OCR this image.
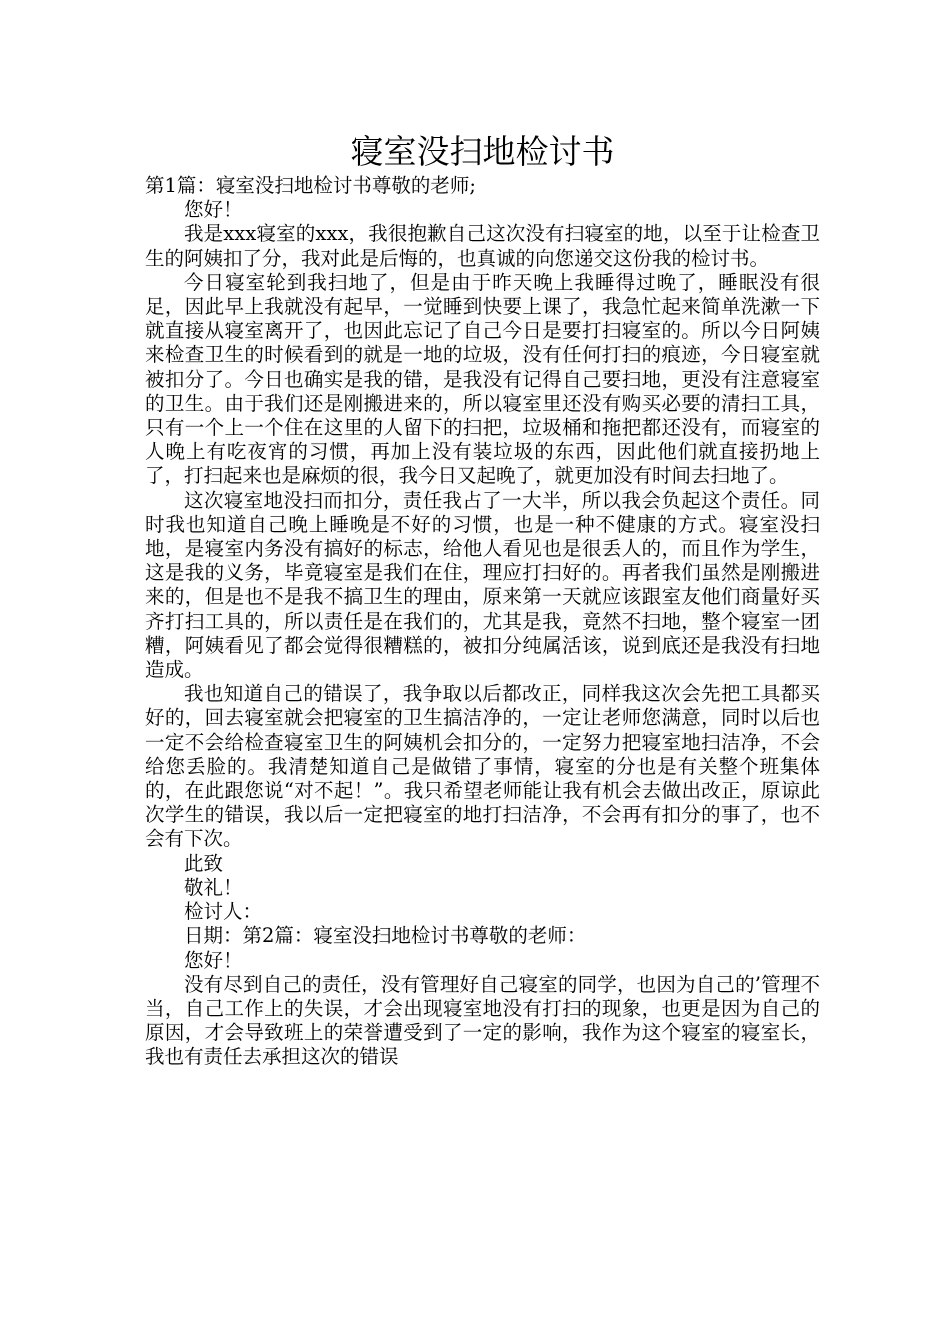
寝室没扫地检讨书

第1篇：寝室没扫地检讨书尊敬的老师;

您好！

我是xxx寝室的xxx，我很抱歉自己这次没有扫寝室的地，以至于让检查卫生的阿姨扣了分，我对此是后悔的，也真诚的向您递交这份我的检讨书。

今日寝室轮到我扫地了，但是由于昨天晚上我睡得过晚了，睡眠没有很足，因此早上我就没有起早，一觉睡到快要上课了，我急忙起来简单洗漱一下就直接从寝室离开了，也因此忘记了自己今日是要打扫寝室的。所以今日阿姨来检查卫生的时候看到的就是一地的垃圾，没有任何打扫的痕迹，今日寝室就被扣分了。今日也确实是我的错，是我没有记得自己要扫地，更没有注意寝室的卫生。由于我们还是刚搬进来的，所以寝室里还没有购买必要的清扫工具，只有一个上一个住在这里的人留下的扫把，垃圾桶和拖把都还没有，而寝室的人晚上有吃夜宵的习惯，再加上没有装垃圾的东西，因此他们就直接扔地上了，打扫起来也是麻烦的很，我今日又起晚了，就更加没有时间去扫地了。

这次寝室地没扫而扣分，责任我占了一大半，所以我会负起这个责任。同时我也知道自己晚上睡晚是不好的习惯，也是一种不健康的方式。寝室没扫地，是寝室内务没有搞好的标志，给他人看见也是很丢人的，而且作为学生，这是我的义务，毕竟寝室是我们在住，理应打扫好的。再者我们虽然是刚搬进来的，但是也不是我不搞卫生的理由，原来第一天就应该跟室友他们商量好买齐打扫工具的，所以责任是在我们的，尤其是我，竟然不扫地，整个寝室一团糟，阿姨看见了都会觉得很糟糕的，被扣分纯属活该，说到底还是我没有扫地造成。

我也知道自己的错误了，我争取以后都改正，同样我这次会先把工具都买好的，回去寝室就会把寝室的卫生搞洁净的，一定让老师您满意，同时以后也一定不会给检查寝室卫生的阿姨机会扣分的，一定努力把寝室地扫洁净，不会给您丢脸的。我清楚知道自己是做错了事情，寝室的分也是有关整个班集体的，在此跟您说“对不起！”。我只希望老师能让我有机会去做出改正，原谅此次学生的错误，我以后一定把寝室的地打扫洁净，不会再有扣分的事了，也不会有下次。

此致

敬礼！

检讨人：

日期：第2篇：寝室没扫地检讨书尊敬的老师：

您好！

没有尽到自己的责任，没有管理好自己寝室的同学，也因为自己的’管理不当，自己工作上的失误，才会出现寝室地没有打扫的现象，也更是因为自己的原因，才会导致班上的荣誉遭受到了一定的影响，我作为这个寝室的寝室长，我也有责任去承担这次的错误
